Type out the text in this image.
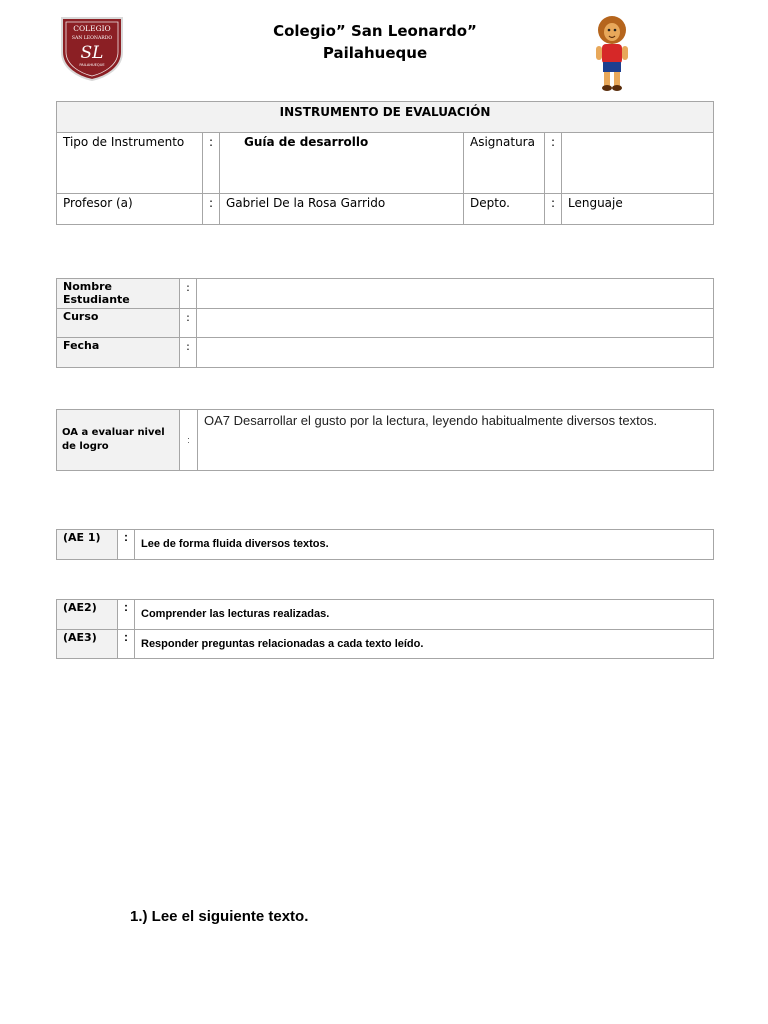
COLEGIO
SAN LEONARDO
SL
PAILAHUEQUE
Colegio” San Leonardo”
Pailahueque
INSTRUMENTO DE EVALUACIÓN					
Tipo de Instrumento	:	Guía de desarrollo	Asignatura	:	
Profesor (a)	:	Gabriel De la Rosa Garrido	Depto.	:	Lenguaje
Nombre Estudiante	:	
Curso	:	
Fecha	:	
OA a evaluar nivel de logro	:	OA7 Desarrollar el gusto por la lectura, leyendo habitualmente diversos textos.
(AE 1)	:	Lee de forma fluida diversos textos.
(AE2)	:	Comprender las lecturas realizadas.
(AE3)	:	Responder preguntas relacionadas a cada texto leído.
1.) Lee el siguiente texto.
